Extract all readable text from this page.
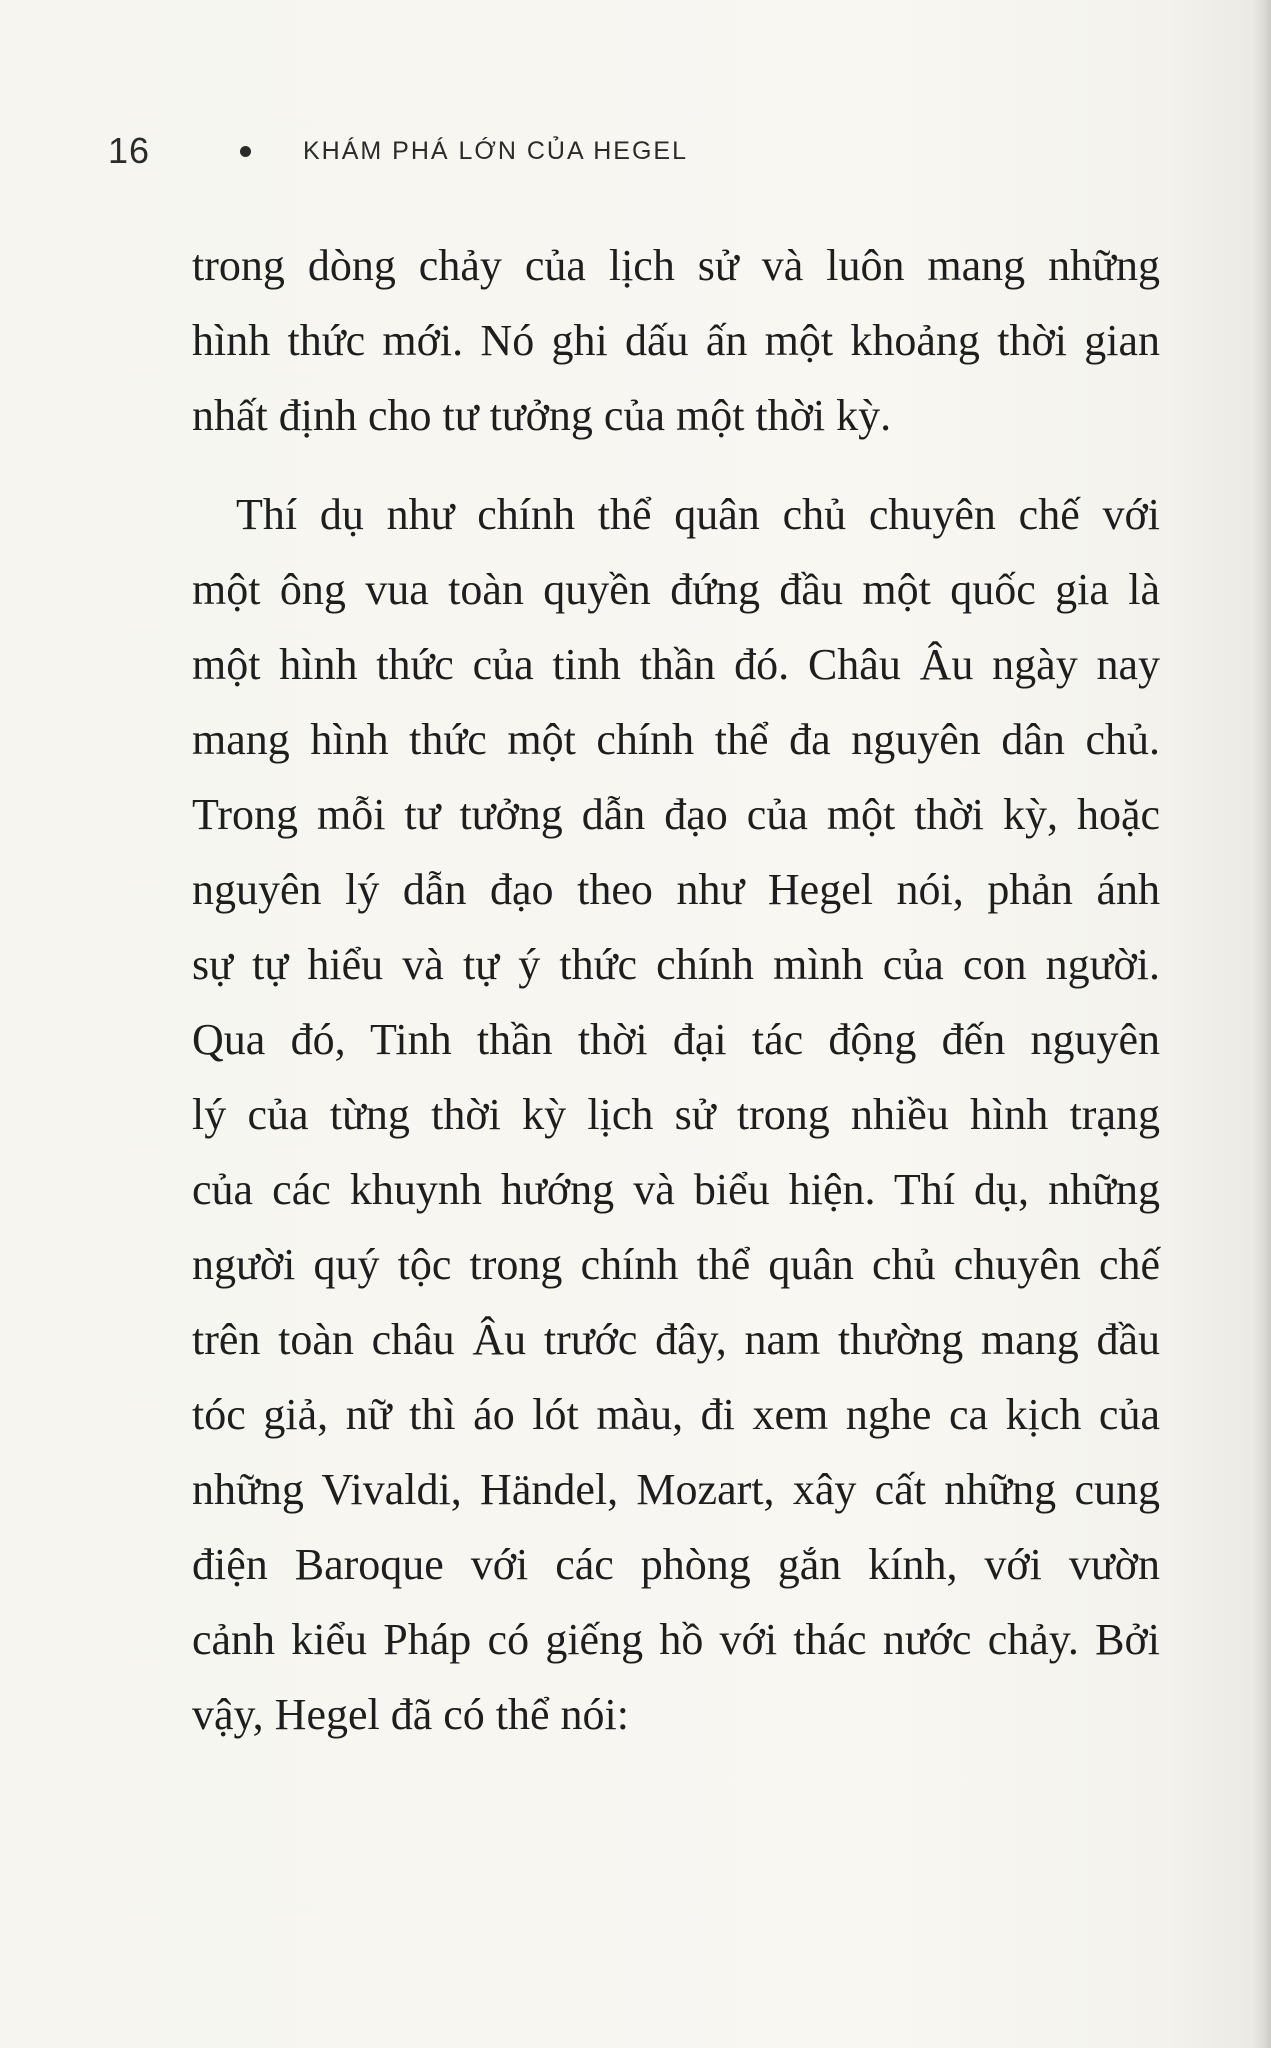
16	KHÁM PHÁ LỚN CỦA HEGEL
trong dòng chảy của lịch sử và luôn mang những
hình thức mới. Nó ghi dấu ấn một khoảng thời gian
nhất định cho tư tưởng của một thời kỳ.
Thí dụ như chính thể quân chủ chuyên chế với
một ông vua toàn quyền đứng đầu một quốc gia là
một hình thức của tinh thần đó. Châu Âu ngày nay
mang hình thức một chính thể đa nguyên dân chủ.
Trong mỗi tư tưởng dẫn đạo của một thời kỳ, hoặc
nguyên lý dẫn đạo theo như Hegel nói, phản ánh
sự tự hiểu và tự ý thức chính mình của con người.
Qua đó, Tinh thần thời đại tác động đến nguyên
lý của từng thời kỳ lịch sử trong nhiều hình trạng
của các khuynh hướng và biểu hiện. Thí dụ, những
người quý tộc trong chính thể quân chủ chuyên chế
trên toàn châu Âu trước đây, nam thường mang đầu
tóc giả, nữ thì áo lót màu, đi xem nghe ca kịch của
những Vivaldi, Händel, Mozart, xây cất những cung
điện Baroque với các phòng gắn kính, với vườn
cảnh kiểu Pháp có giếng hồ với thác nước chảy. Bởi
vậy, Hegel đã có thể nói:
